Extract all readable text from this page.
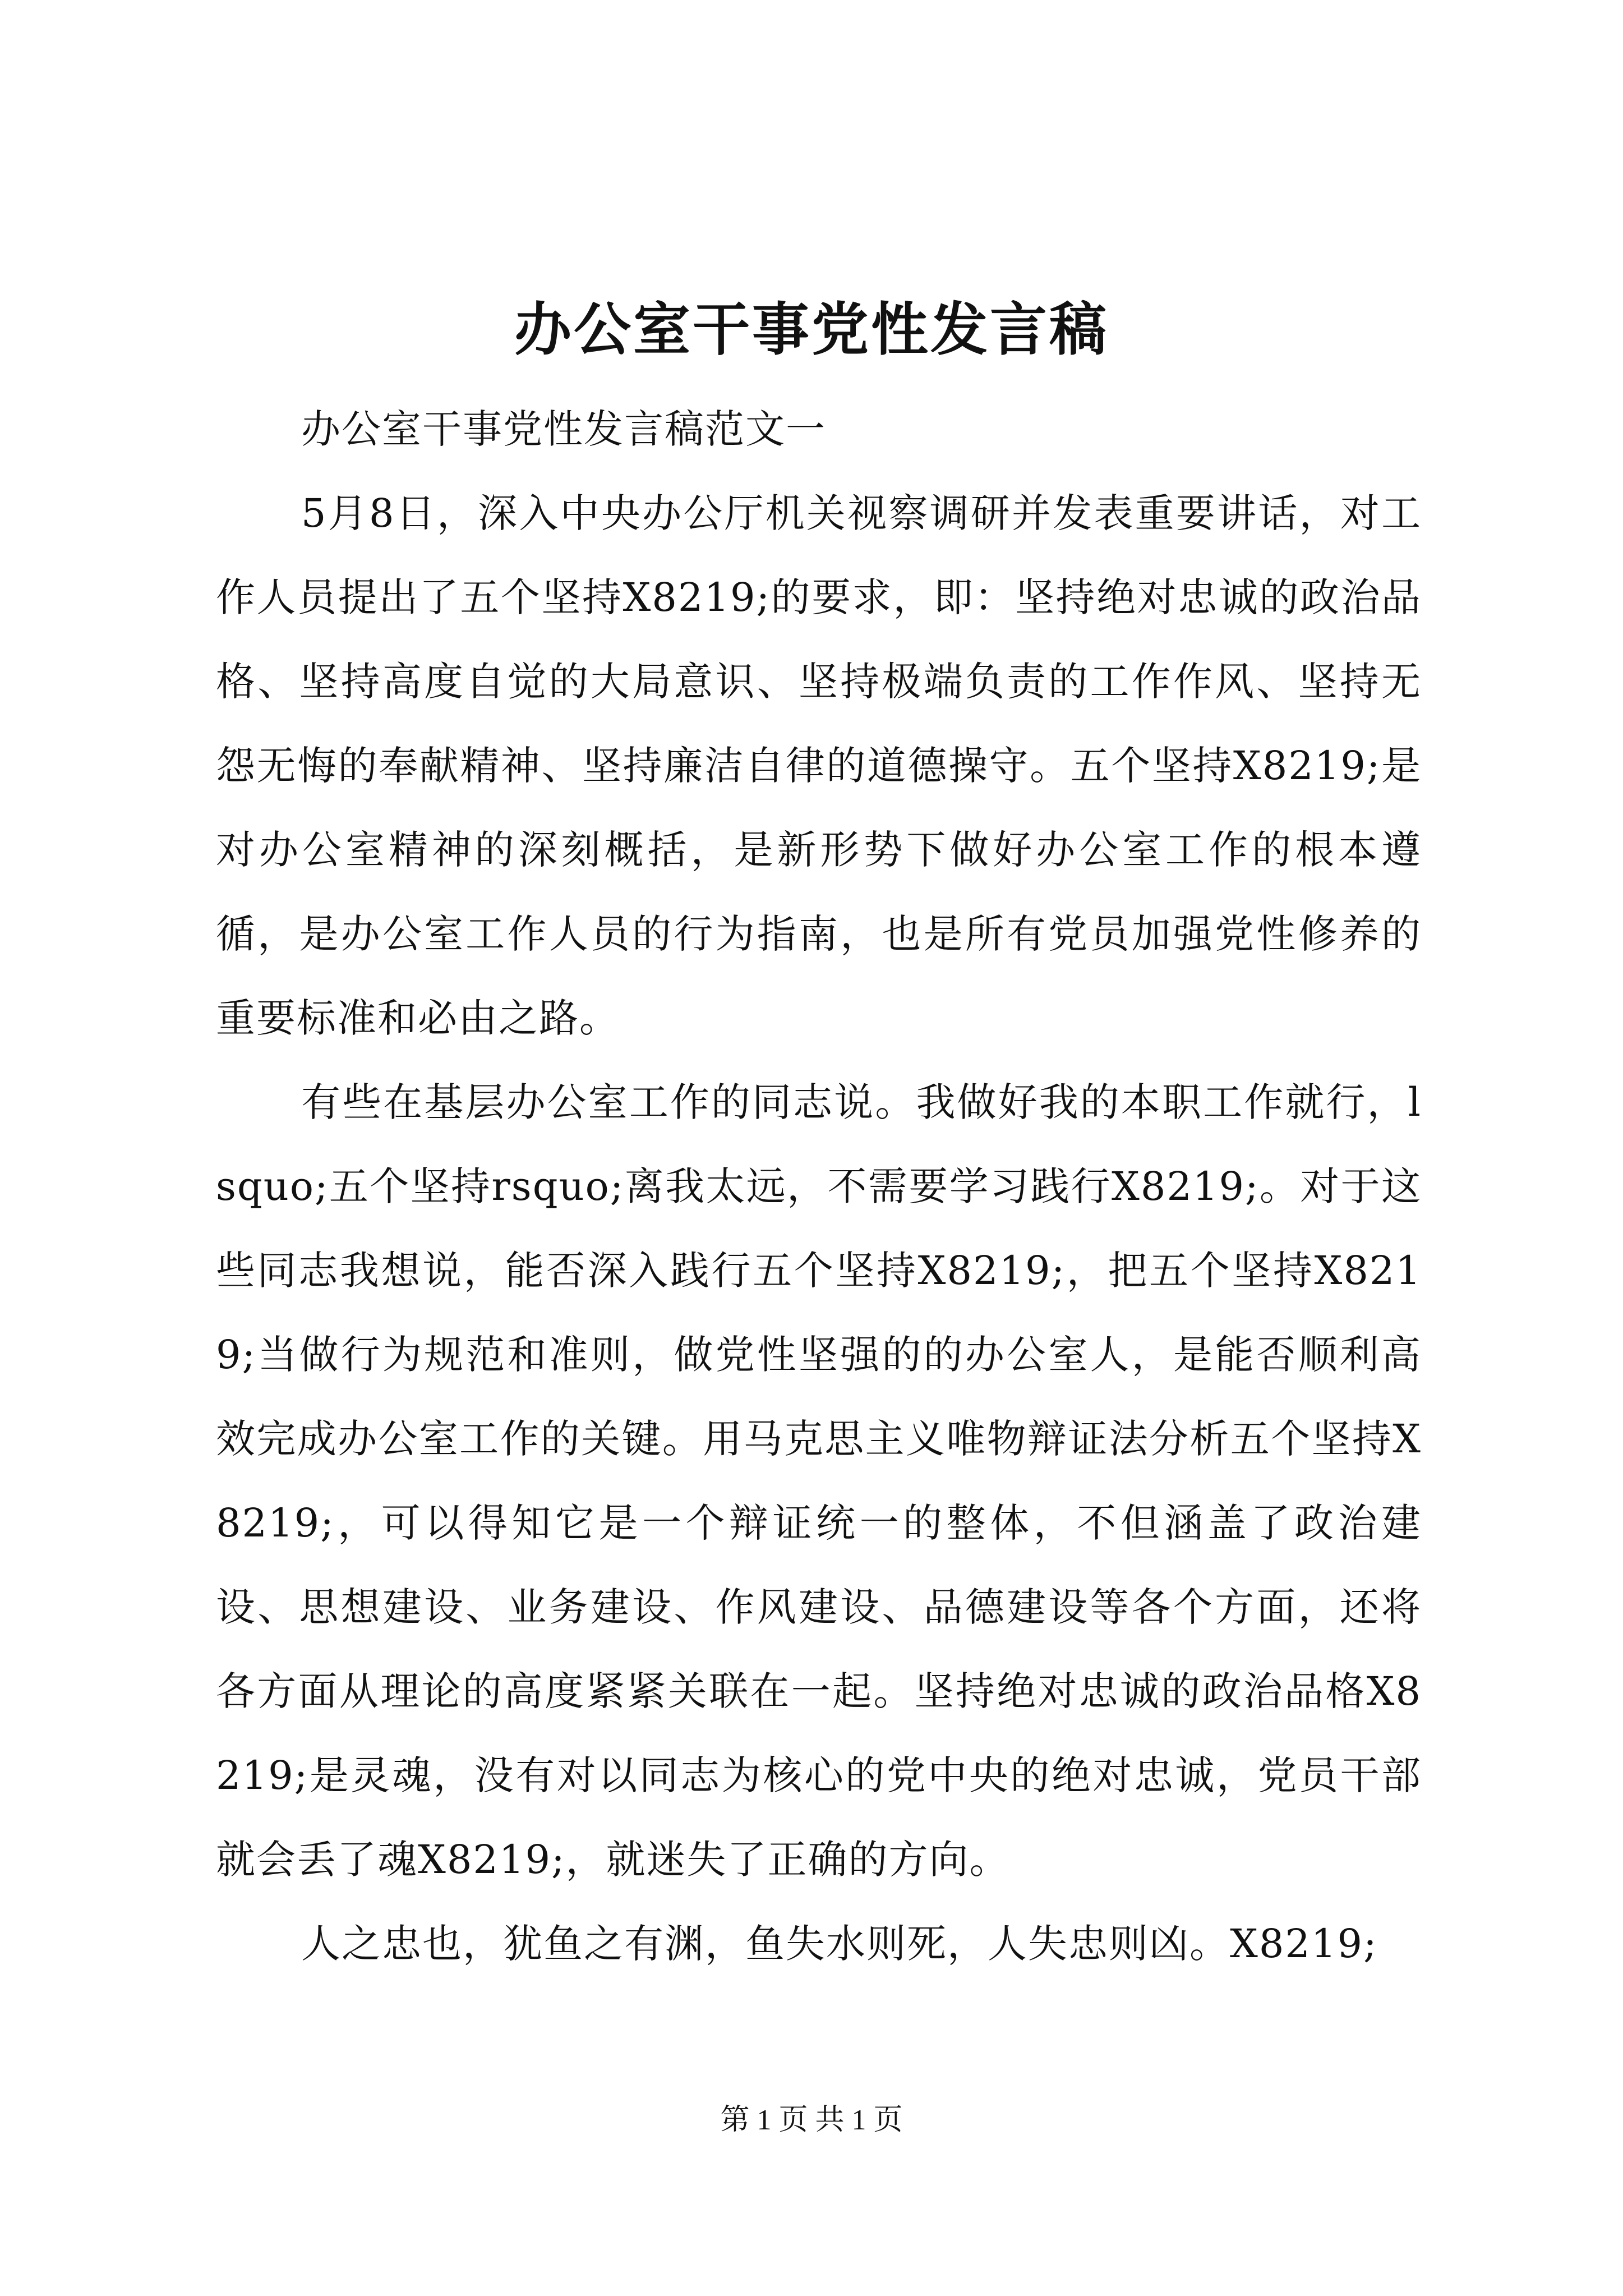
办公室干事党性发言稿

办公室干事党性发言稿范文一

5月8日，深入中央办公厅机关视察调研并发表重要讲话，对工作人员提出了五个坚持X8219;的要求，即：坚持绝对忠诚的政治品格、坚持高度自觉的大局意识、坚持极端负责的工作作风、坚持无怨无悔的奉献精神、坚持廉洁自律的道德操守。五个坚持X8219;是对办公室精神的深刻概括，是新形势下做好办公室工作的根本遵循，是办公室工作人员的行为指南，也是所有党员加强党性修养的重要标准和必由之路。

有些在基层办公室工作的同志说。我做好我的本职工作就行，lsquo;五个坚持rsquo;离我太远，不需要学习践行X8219;。对于这些同志我想说，能否深入践行五个坚持X8219;，把五个坚持X8219;当做行为规范和准则，做党性坚强的的办公室人，是能否顺利高效完成办公室工作的关键。用马克思主义唯物辩证法分析五个坚持X8219;，可以得知它是一个辩证统一的整体，不但涵盖了政治建设、思想建设、业务建设、作风建设、品德建设等各个方面，还将各方面从理论的高度紧紧关联在一起。坚持绝对忠诚的政治品格X8219;是灵魂，没有对以同志为核心的党中央的绝对忠诚，党员干部就会丢了魂X8219;，就迷失了正确的方向。

人之忠也，犹鱼之有渊，鱼失水则死，人失忠则凶。X8219;

第 1 页 共 1 页
